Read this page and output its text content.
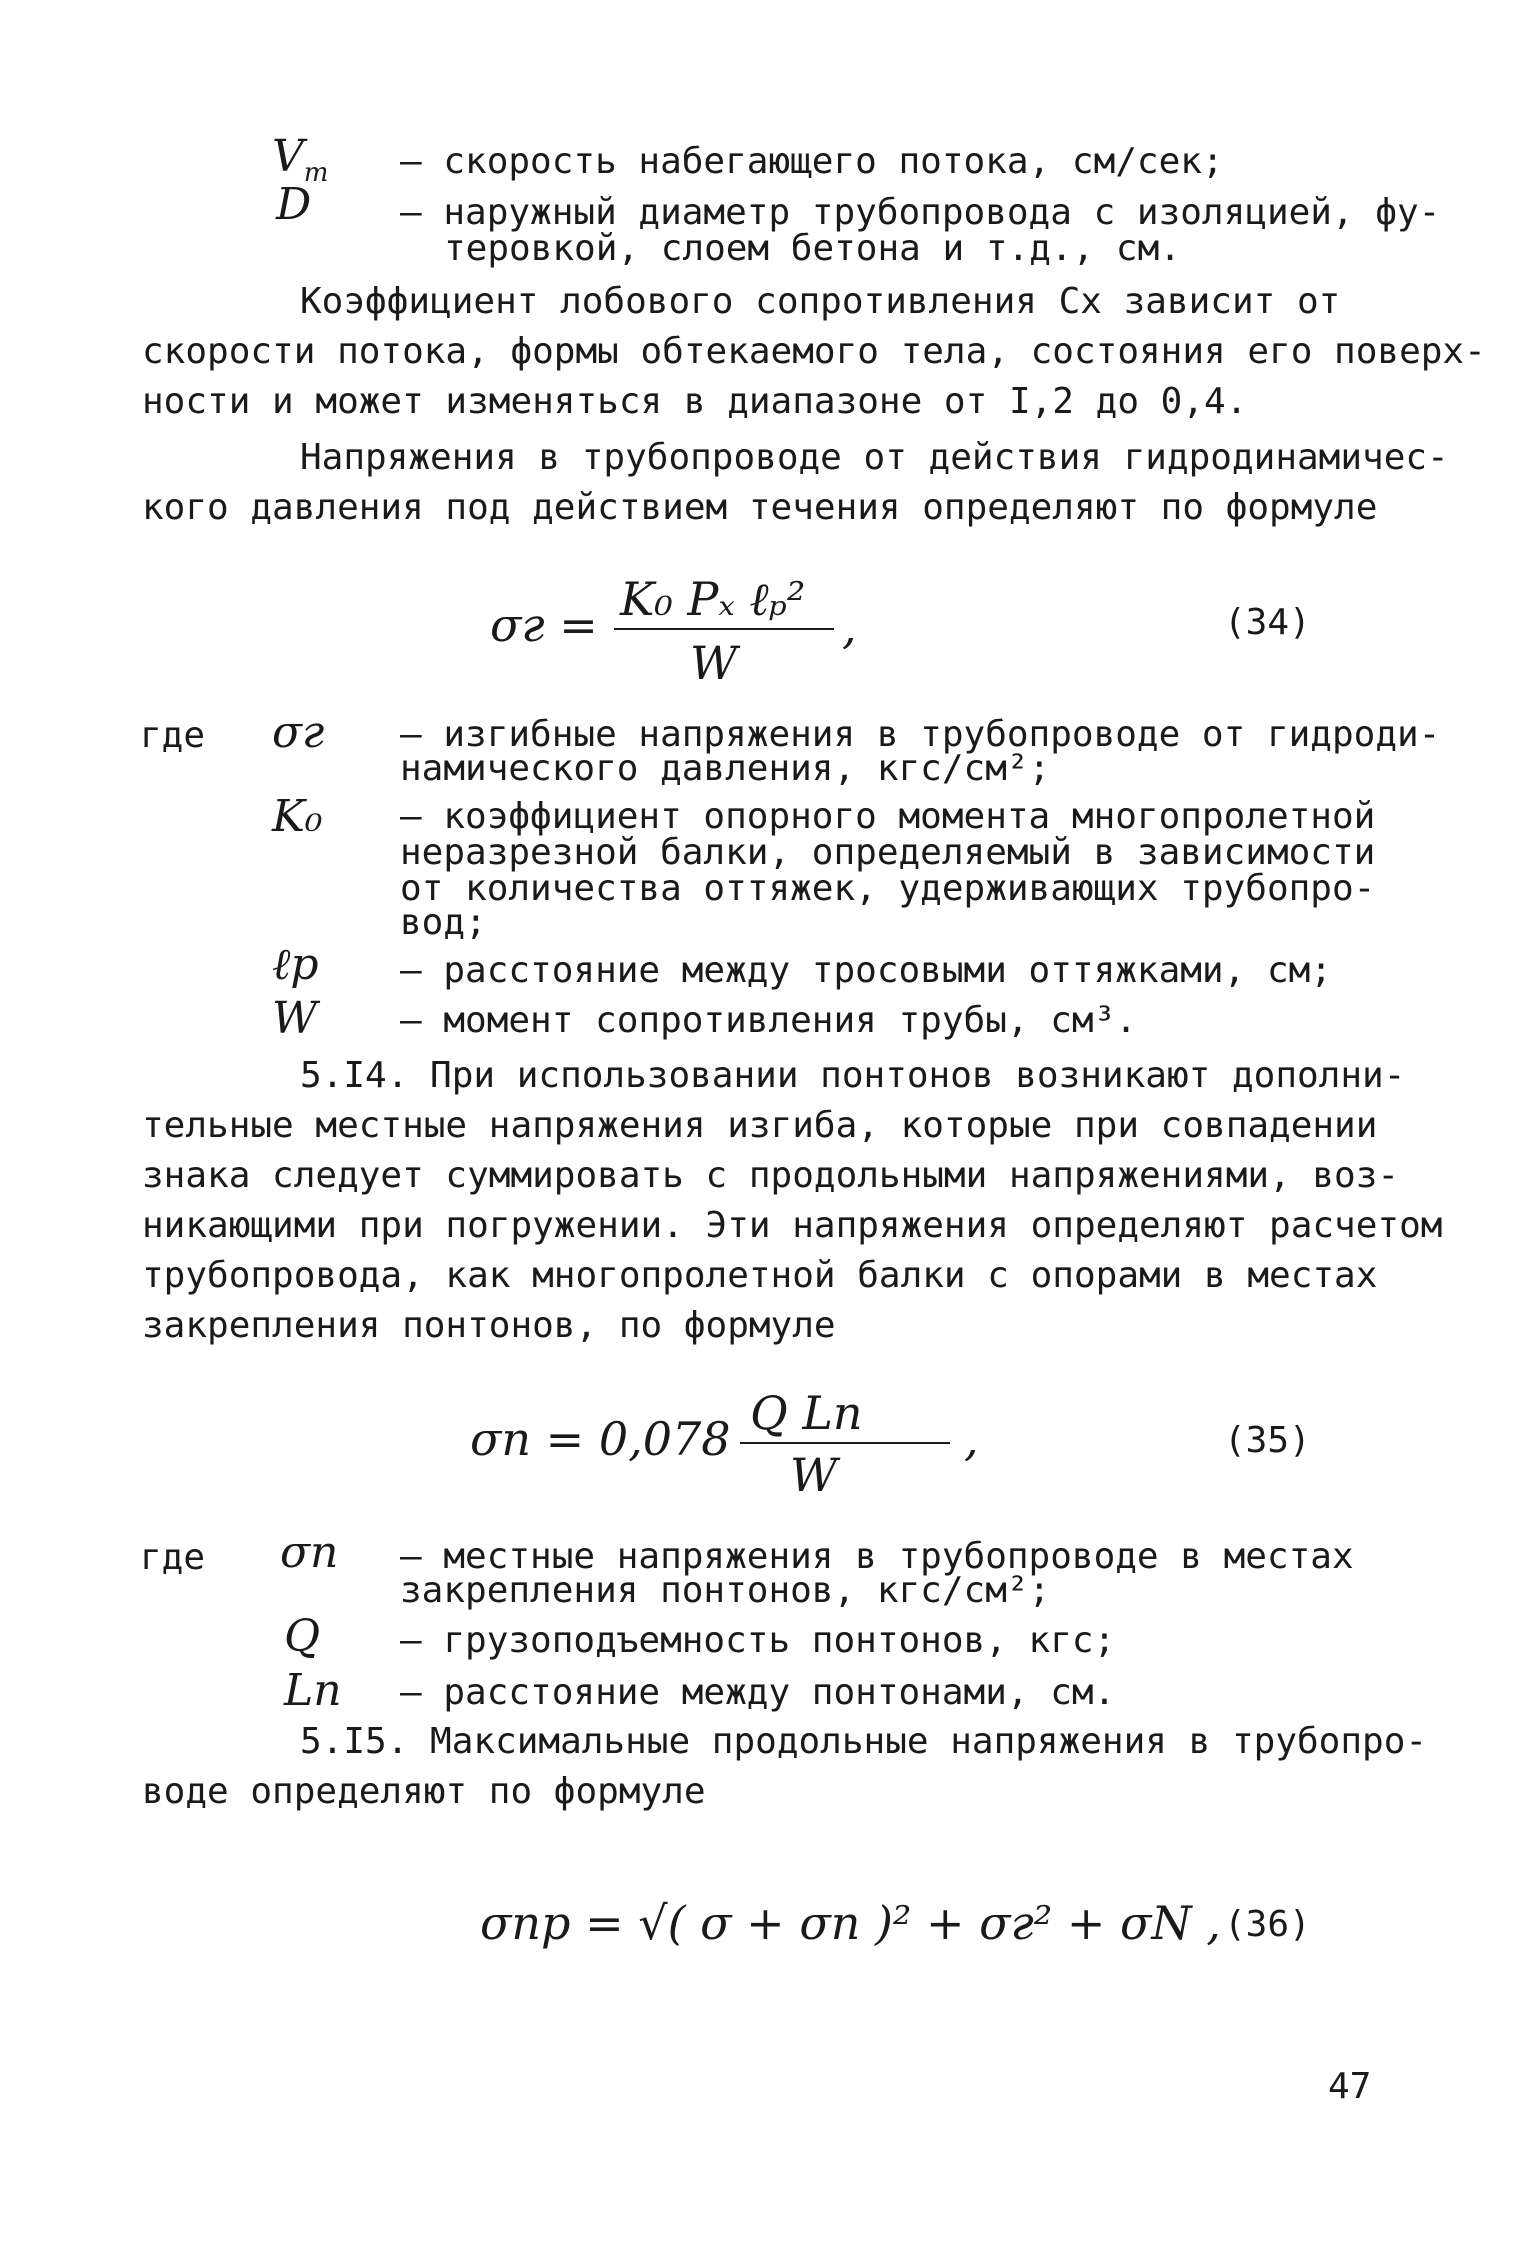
$V_т$ – скорость набегающего потока, см/сек;
D – наружный диаметр трубопровода с изоляцией, фу-
теровкой, слоем бетона и т.д., см.
Коэффициент лобового сопротивления Cx зависит от
скорости потока, формы обтекаемого тела, состояния его поверх-
ности и может изменяться в диапазоне от I,2 до 0,4.
Напряжения в трубопроводе от действия гидродинамичес-
кого давления под действием течения определяют по формуле
σг = K₀ Pₓ ℓₚ²
W
,	(34)
где σг – изгибные напряжения в трубопроводе от гидроди-
намического давления, кгс/см²;
K₀ – коэффициент опорного момента многопролетной
неразрезной балки, определяемый в зависимости
от количества оттяжек, удерживающих трубопро-
вод;
ℓp – расстояние между тросовыми оттяжками, см;
W – момент сопротивления трубы, см³.
5.I4. При использовании понтонов возникают дополни-
тельные местные напряжения изгиба, которые при совпадении
знака следует суммировать с продольными напряжениями, воз-
никающими при погружении. Эти напряжения определяют расчетом
трубопровода, как многопролетной балки с опорами в местах
закрепления понтонов, по формуле
σп = 0,078 Q Lп
W
,	(35)
где σп – местные напряжения в трубопроводе в местах
закрепления понтонов, кгс/см²;
Q – грузоподъемность понтонов, кгс;
Lп – расстояние между понтонами, см.
5.I5. Максимальные продольные напряжения в трубопро-
воде определяют по формуле
σпр = √( σ + σп )² + σг² + σN , (36)
47
